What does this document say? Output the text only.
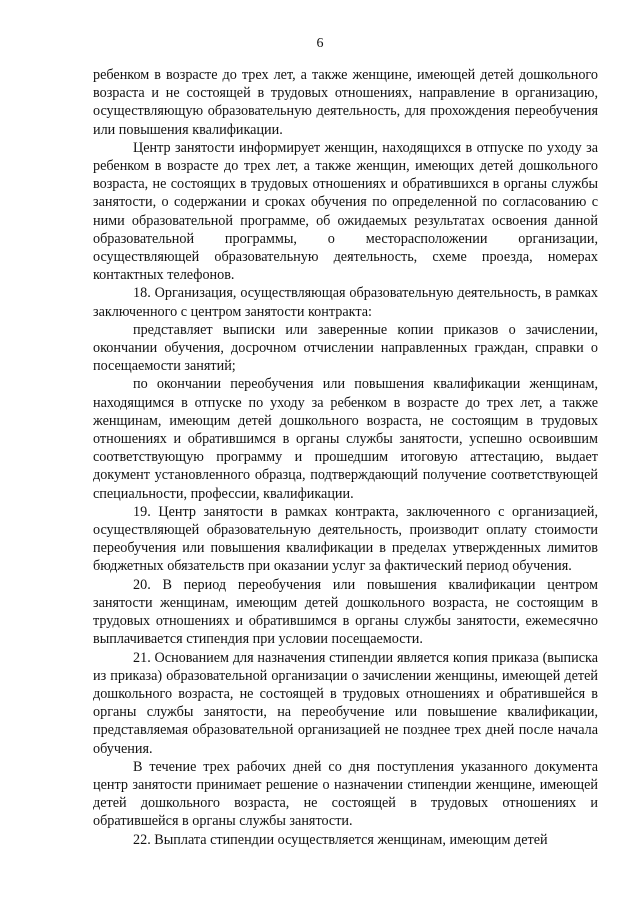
6

ребенком в возрасте до трех лет, а также женщине, имеющей детей дошкольного возраста и не состоящей в трудовых отношениях, направление в организацию, осуществляющую образовательную деятельность, для прохождения переобучения или повышения квалификации.

Центр занятости информирует женщин, находящихся в отпуске по уходу за ребенком в возрасте до трех лет, а также женщин, имеющих детей дошкольного возраста, не состоящих в трудовых отношениях и обратившихся в органы службы занятости, о содержании и сроках обучения по определенной по согласованию с ними образовательной программе, об ожидаемых результатах освоения данной образовательной программы, о месторасположении организации, осуществляющей образовательную деятельность, схеме проезда, номерах контактных телефонов.

18. Организация, осуществляющая образовательную деятельность, в рамках заключенного с центром занятости контракта:

представляет выписки или заверенные копии приказов о зачислении, окончании обучения, досрочном отчислении направленных граждан, справки о посещаемости занятий;

по окончании переобучения или повышения квалификации женщинам, находящимся в отпуске по уходу за ребенком в возрасте до трех лет, а также женщинам, имеющим детей дошкольного возраста, не состоящим в трудовых отношениях и обратившимся в органы службы занятости, успешно освоившим соответствующую программу и прошедшим итоговую аттестацию, выдает документ установленного образца, подтверждающий получение соответствующей специальности, профессии, квалификации.

19. Центр занятости в рамках контракта, заключенного с организацией, осуществляющей образовательную деятельность, производит оплату стоимости переобучения или повышения квалификации в пределах утвержденных лимитов бюджетных обязательств при оказании услуг за фактический период обучения.

20. В период переобучения или повышения квалификации центром занятости женщинам, имеющим детей дошкольного возраста, не состоящим в трудовых отношениях и обратившимся в органы службы занятости, ежемесячно выплачивается стипендия при условии посещаемости.

21. Основанием для назначения стипендии является копия приказа (выписка из приказа) образовательной организации о зачислении женщины, имеющей детей дошкольного возраста, не состоящей в трудовых отношениях и обратившейся в органы службы занятости, на переобучение или повышение квалификации, представляемая образовательной организацией не позднее трех дней после начала обучения.

В течение трех рабочих дней со дня поступления указанного документа центр занятости принимает решение о назначении стипендии женщине, имеющей детей дошкольного возраста, не состоящей в трудовых отношениях и обратившейся в органы службы занятости.

22. Выплата стипендии осуществляется женщинам, имеющим детей
